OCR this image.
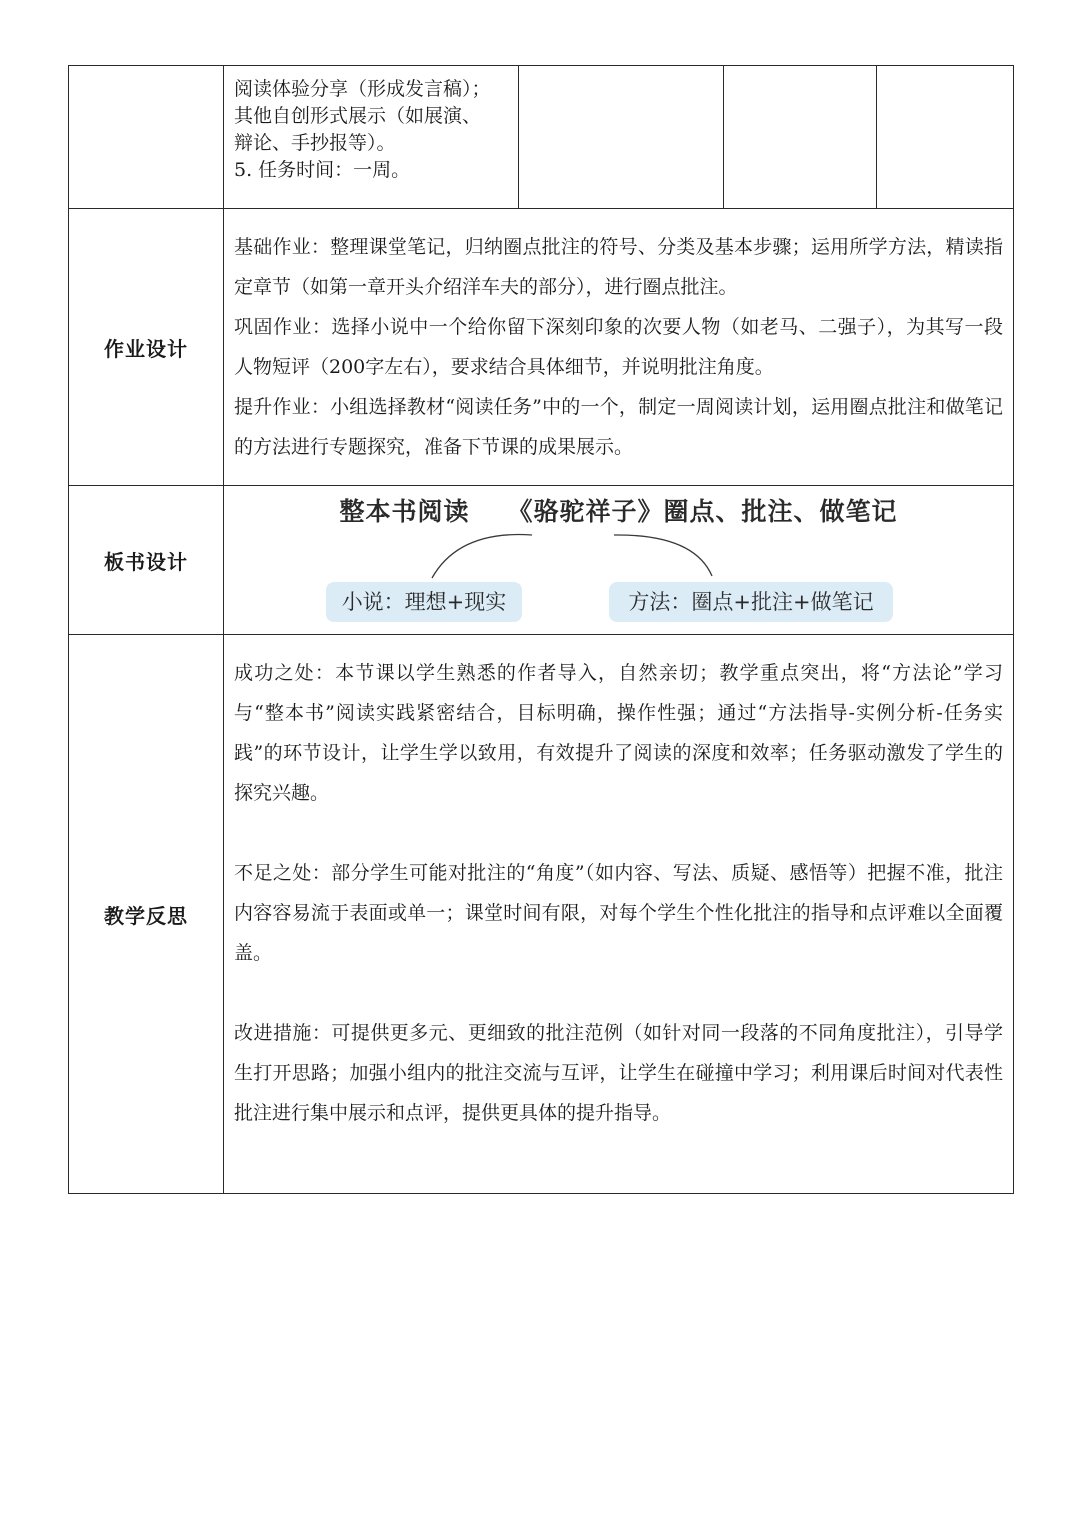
	阅读体验分享（形成发言稿）；
其他自创形式展示（如展演、
辩论、手抄报等）。
5. 任务时间：一周。			

作业设计	基础作业：整理课堂笔记，归纳圈点批注的符号、分类及基本步骤；运用所学方法，精读指定章节（如第一章开头介绍洋车夫的部分），进行圈点批注。

巩固作业：选择小说中一个给你留下深刻印象的次要人物（如老马、二强子），为其写一段人物短评（200字左右），要求结合具体细节，并说明批注角度。

提升作业：小组选择教材“阅读任务”中的一个，制定一周阅读计划，运用圈点批注和做笔记的方法进行专题探究，准备下节课的成果展示。			

板书设计	整本书阅读 《骆驼祥子》圈点、批注、做笔记
小说：理想+现实 方法：圈点+批注+做笔记			

教学反思	成功之处：本节课以学生熟悉的作者导入，自然亲切；教学重点突出，将“方法论”学习与“整本书”阅读实践紧密结合，目标明确，操作性强；通过“方法指导-实例分析-任务实践”的环节设计，让学生学以致用，有效提升了阅读的深度和效率；任务驱动激发了学生的探究兴趣。

不足之处：部分学生可能对批注的“角度”（如内容、写法、质疑、感悟等）把握不准，批注内容容易流于表面或单一；课堂时间有限，对每个学生个性化批注的指导和点评难以全面覆盖。

改进措施：可提供更多元、更细致的批注范例（如针对同一段落的不同角度批注），引导学生打开思路；加强小组内的批注交流与互评，让学生在碰撞中学习；利用课后时间对代表性批注进行集中展示和点评，提供更具体的提升指导。			
